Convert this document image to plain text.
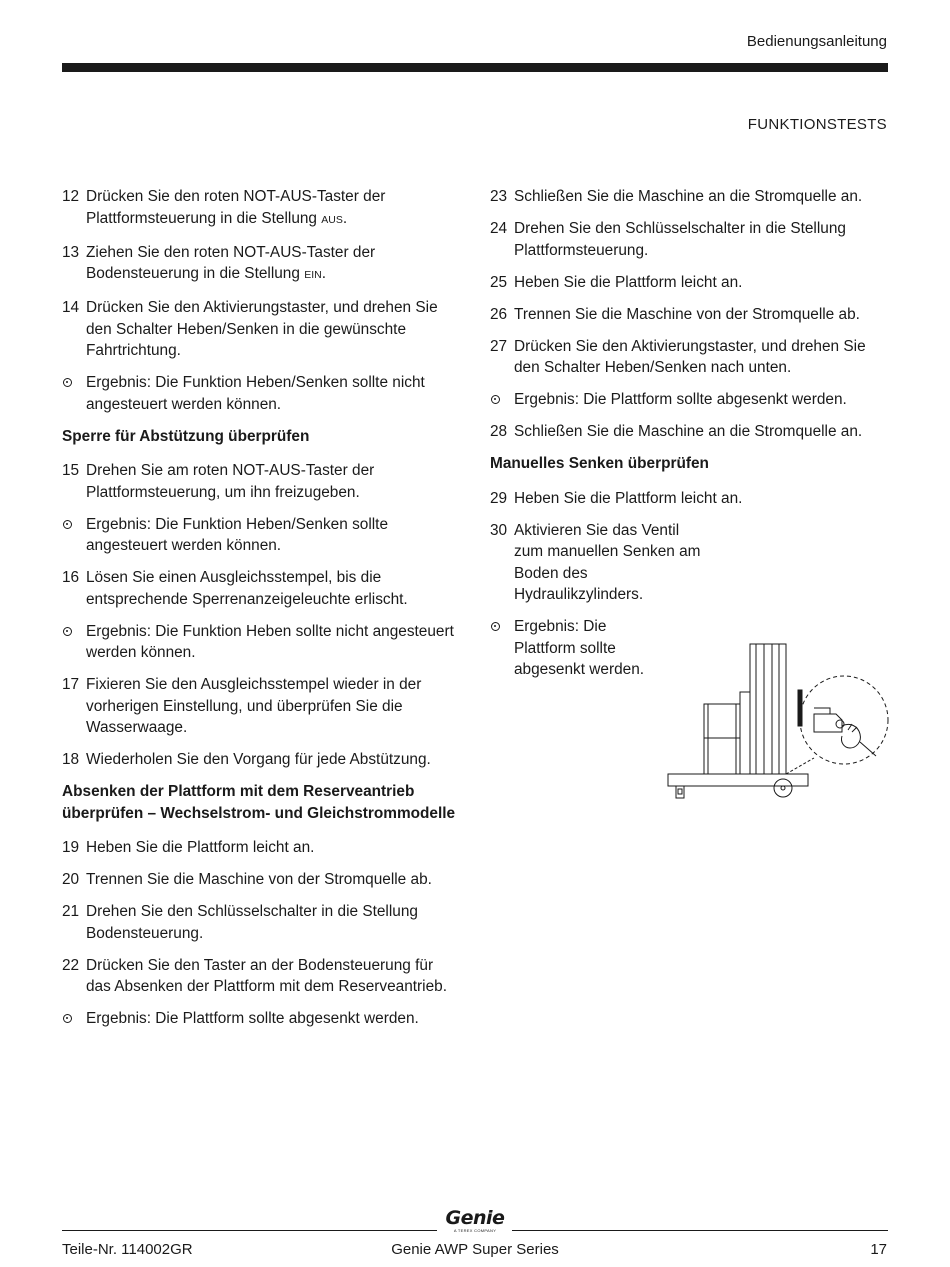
Bedienungsanleitung
FUNKTIONSTESTS
12 Drücken Sie den roten NOT-AUS-Taster der Plattformsteuerung in die Stellung AUS.
13 Ziehen Sie den roten NOT-AUS-Taster der Bodensteuerung in die Stellung EIN.
14 Drücken Sie den Aktivierungstaster, und drehen Sie den Schalter Heben/Senken in die gewünschte Fahrtrichtung.
Ergebnis: Die Funktion Heben/Senken sollte nicht angesteuert werden können.
Sperre für Abstützung überprüfen
15 Drehen Sie am roten NOT-AUS-Taster der Plattformsteuerung, um ihn freizugeben.
Ergebnis: Die Funktion Heben/Senken sollte angesteuert werden können.
16 Lösen Sie einen Ausgleichsstempel, bis die entsprechende Sperrenanzeigeleuchte erlischt.
Ergebnis: Die Funktion Heben sollte nicht angesteuert werden können.
17 Fixieren Sie den Ausgleichsstempel wieder in der vorherigen Einstellung, und überprüfen Sie die Wasserwaage.
18 Wiederholen Sie den Vorgang für jede Abstützung.
Absenken der Plattform mit dem Reserveantrieb überprüfen – Wechselstrom- und Gleichstrommodelle
19 Heben Sie die Plattform leicht an.
20 Trennen Sie die Maschine von der Stromquelle ab.
21 Drehen Sie den Schlüsselschalter in die Stellung Bodensteuerung.
22 Drücken Sie den Taster an der Bodensteuerung für das Absenken der Plattform mit dem Reserveantrieb.
Ergebnis: Die Plattform sollte abgesenkt werden.
23 Schließen Sie die Maschine an die Stromquelle an.
24 Drehen Sie den Schlüsselschalter in die Stellung Plattformsteuerung.
25 Heben Sie die Plattform leicht an.
26 Trennen Sie die Maschine von der Stromquelle ab.
27 Drücken Sie den Aktivierungstaster, und drehen Sie den Schalter Heben/Senken nach unten.
Ergebnis: Die Plattform sollte abgesenkt werden.
28 Schließen Sie die Maschine an die Stromquelle an.
Manuelles Senken überprüfen
29 Heben Sie die Plattform leicht an.
30 Aktivieren Sie das Ventil zum manuellen Senken am Boden des Hydraulikzylinders.
Ergebnis: Die Plattform sollte abgesenkt werden.
Genie
A TEREX COMPANY
Teile-Nr. 114002GR	Genie AWP Super Series	17
